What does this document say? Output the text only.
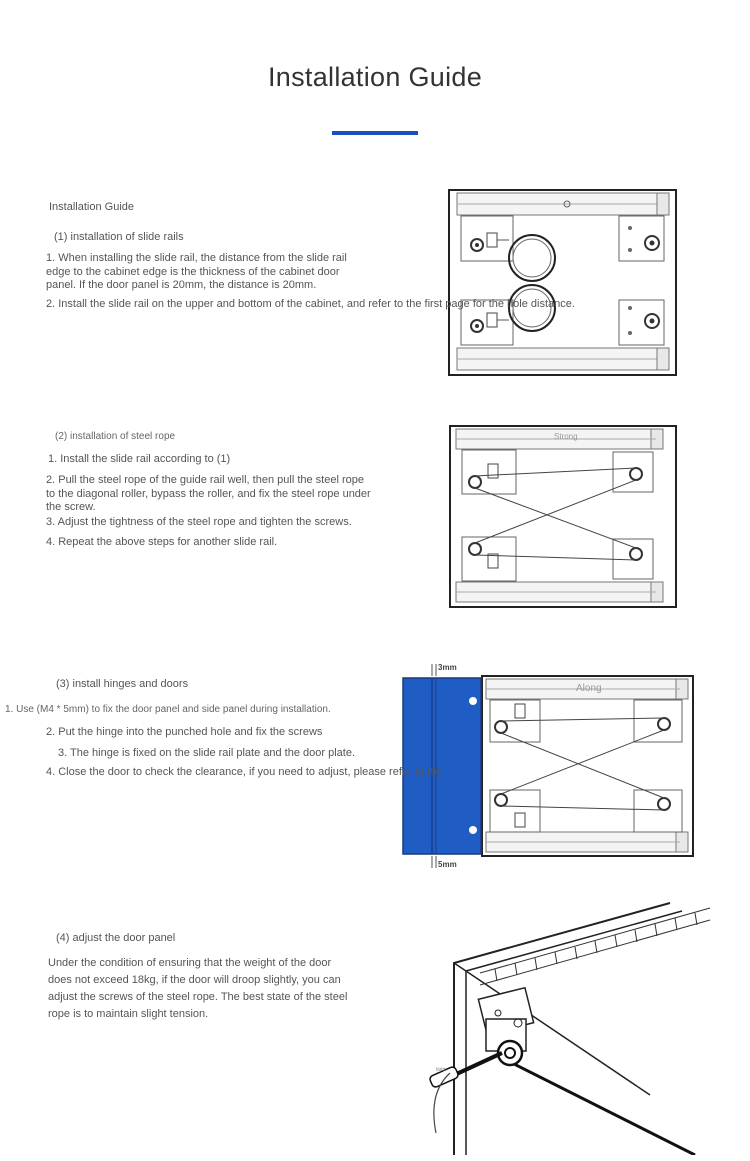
Installation Guide
Installation Guide
(1) installation of slide rails
1. When installing the slide rail, the distance from the slide rail edge to the cabinet edge is the thickness of the cabinet door panel. If the door panel is 20mm, the distance is 20mm.
2. Install the slide rail on the upper and bottom of the cabinet, and refer to the first page for the hole distance.
(2) installation of steel rope
1. Install the slide rail according to (1)
2. Pull the steel rope of the guide rail well, then pull the steel rope to the diagonal roller, bypass the roller, and fix the steel rope under the screw.
3. Adjust the tightness of the steel rope and tighten the screws.
4. Repeat the above steps for another slide rail.
Strong
(3) install hinges and doors
1. Use (M4 * 5mm) to fix the door panel and side panel during installation.
2. Put the hinge into the punched hole and fix the screws
3. The hinge is fixed on the slide rail plate and the door plate.
3mm
5mm
Along
4. Close the door to check the clearance, if you need to adjust, please refer to (5).
(4) adjust the door panel
Under the condition of ensuring that the weight of the door does not exceed 18kg, if the door will droop slightly, you can adjust the screws of the steel rope. The best state of the steel rope is to maintain slight tension.
tight
